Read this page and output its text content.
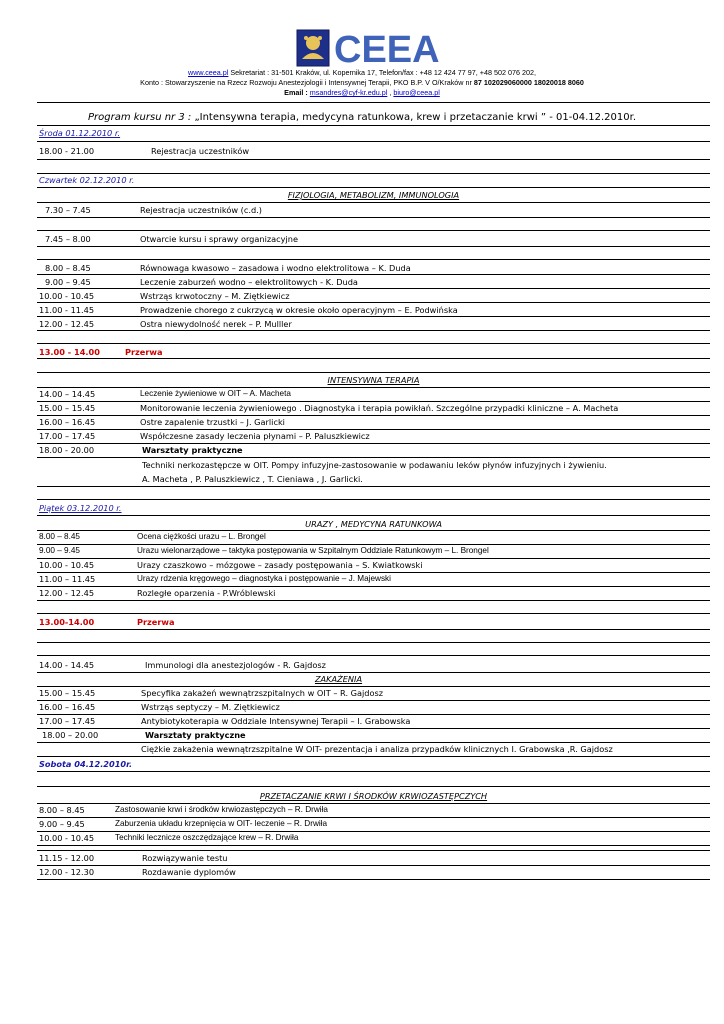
CEEA
www.ceea.pl Sekretariat : 31-501 Kraków, ul. Kopernika 17, Telefon/fax : +48 12 424 77 97, +48 502 076 202,
Konto : Stowarzyszenie na Rzecz Rozwoju Anestezjologii i Intensywnej Terapii, PKO B.P. V O/Kraków nr 87 102029060000 18020018 8060
Email : msandres@cyf-kr.edu.pl , biuro@ceea.pl
Program kursu nr 3 : „Intensywna terapia, medycyna ratunkowa, krew i przetaczanie krwi ” - 01-04.12.2010r.
Środa 01.12.2010 r.
18.00 - 21.00	Rejestracja uczestników
Czwartek 02.12.2010 r.
FIZJOLOGIA, METABOLIZM, IMMUNOLOGIA
7.30 – 7.45	Rejestracja uczestników (c.d.)
7.45 – 8.00	Otwarcie kursu i sprawy organizacyjne
8.00 – 8.45	Równowaga kwasowo – zasadowa i wodno elektrolitowa – K. Duda
9.00 – 9.45	Leczenie zaburzeń wodno – elektrolitowych - K. Duda
10.00 - 10.45	Wstrząs krwotoczny – M. Ziętkiewicz
11.00 - 11.45	Prowadzenie chorego z cukrzycą w okresie około operacyjnym – E. Podwińska
12.00 - 12.45	Ostra niewydolność nerek – P. Mulller
13.00 - 14.00	Przerwa
INTENSYWNA TERAPIA
14.00 – 14.45	Leczenie żywieniowe w OIT – A. Macheta
15.00 – 15.45	Monitorowanie leczenia żywieniowego . Diagnostyka i terapia powikłań. Szczególne przypadki kliniczne – A. Macheta
16.00 – 16.45	Ostre zapalenie trzustki – J. Garlicki
17.00 – 17.45	Współczesne zasady leczenia płynami – P. Paluszkiewicz
18.00 - 20.00	Warsztaty praktyczne
Techniki nerkozastępcze w OIT. Pompy infuzyjne-zastosowanie w podawaniu leków płynów infuzyjnych i żywieniu.
A. Macheta , P. Paluszkiewicz , T. Cieniawa , J. Garlicki.
Piątek 03.12.2010 r.
URAZY , MEDYCYNA RATUNKOWA
8.00 – 8.45	Ocena ciężkości urazu – L. Brongel
9.00 – 9.45	Urazu wielonarządowe – taktyka postępowania w Szpitalnym Oddziale Ratunkowym – L. Brongel
10.00 - 10.45	Urazy czaszkowo – mózgowe – zasady postępowania – S. Kwiatkowski
11.00 – 11.45	Urazy rdzenia kręgowego – diagnostyka i postępowanie – J. Majewski
12.00 - 12.45	Rozległe oparzenia - P.Wróblewski
13.00-14.00	Przerwa
14.00 - 14.45	Immunologi dla anestezjologów - R. Gajdosz
ZAKAŻENIA
15.00 – 15.45	Specyfika zakażeń wewnątrzszpitalnych w OIT – R. Gajdosz
16.00 – 16.45	Wstrząs septyczy – M. Ziętkiewicz
17.00 – 17.45	Antybiotykoterapia w Oddziale Intensywnej Terapii – I. Grabowska
18.00 – 20.00	Warsztaty praktyczne
Ciężkie zakażenia wewnątrzszpitalne W OIT- prezentacja i analiza przypadków klinicznych I. Grabowska ,R. Gajdosz
Sobota 04.12.2010r.
PRZETACZANIE KRWI I ŚRODKÓW KRWIOZASTĘPCZYCH
8.00 – 8.45	Zastosowanie krwi i środków krwiozastępczych – R. Drwiła
9.00 – 9.45	Zaburzenia układu krzepnięcia w OIT- leczenie – R. Drwiła
10.00 - 10.45	Techniki lecznicze oszczędzające krew – R. Drwiła
11.15 - 12.00	Rozwiązywanie testu
12.00 - 12.30	Rozdawanie dyplomów
